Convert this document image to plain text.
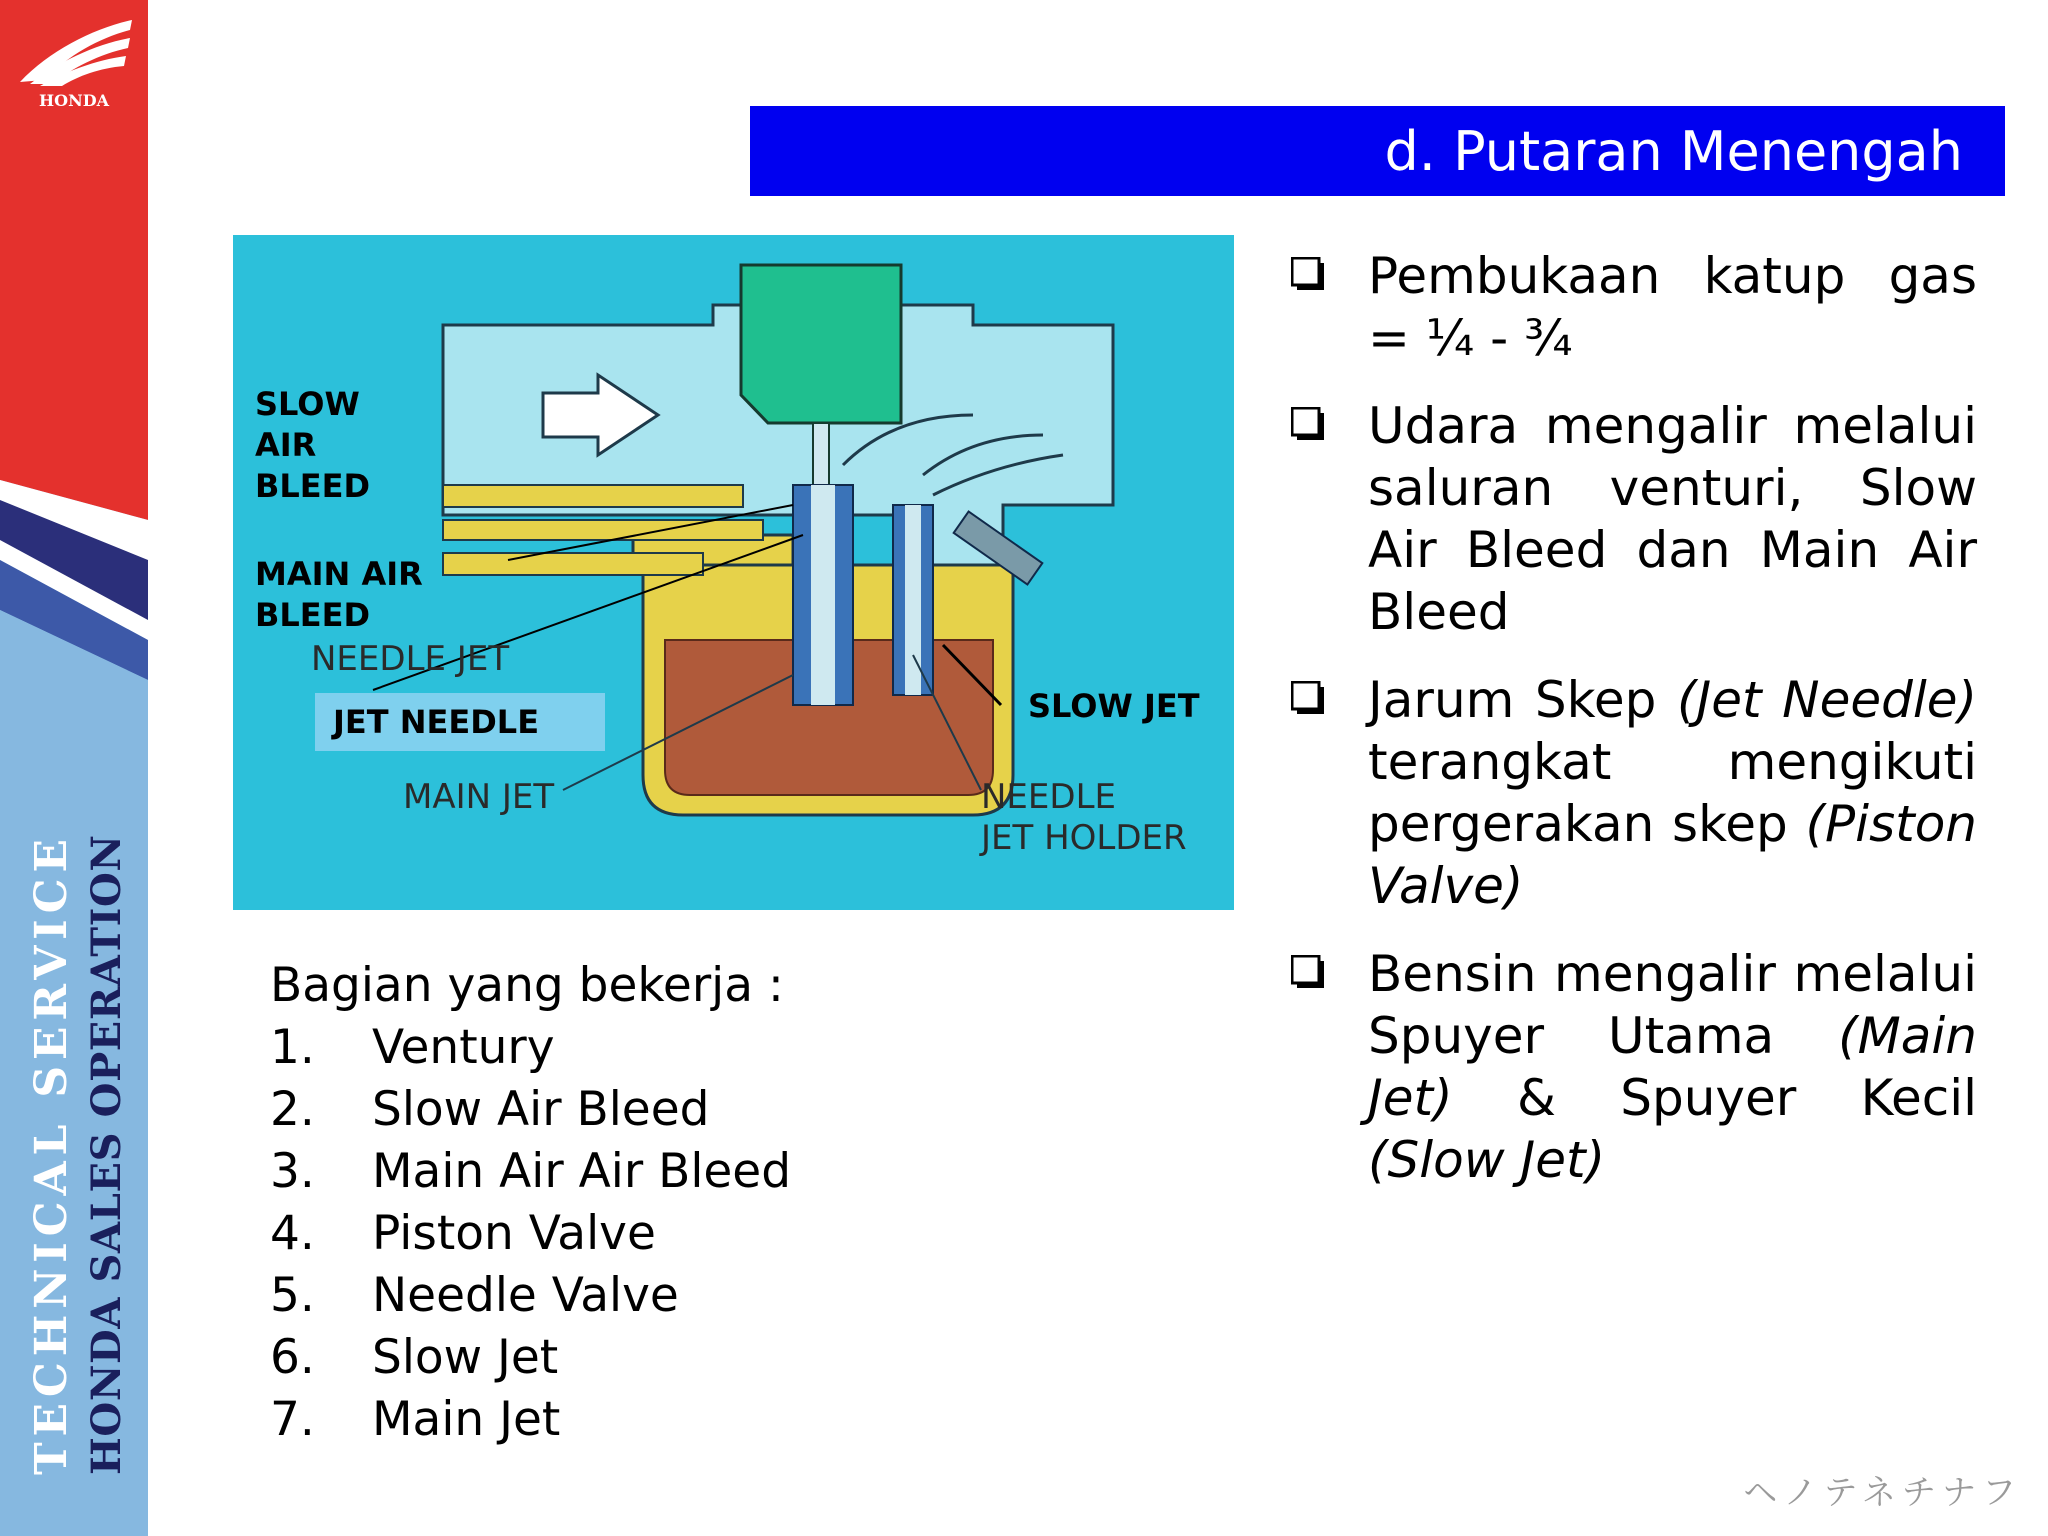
HONDA
TECHNICAL SERVICE
HONDA SALES OPERATION
d. Putaran Menengah
SLOW
AIR
BLEED
MAIN AIR
BLEED
NEEDLE JET
JET NEEDLE
MAIN JET
SLOW JET
NEEDLE
JET HOLDER
Bagian yang bekerja :
1.	Ventury
2.	Slow Air Bleed
3.	Main Air Air Bleed
4.	Piston Valve
5.	Needle Valve
6.	Slow Jet
7.	Main Jet
Pembukaan katup gas = ¼ - ¾
Udara mengalir melalui saluran venturi, Slow Air Bleed dan Main Air Bleed
Jarum Skep (Jet Needle) terangkat mengikuti pergerakan skep (Piston Valve)
Bensin mengalir melalui Spuyer Utama (Main Jet) & Spuyer Kecil (Slow Jet)
ヘノテネチナフ
